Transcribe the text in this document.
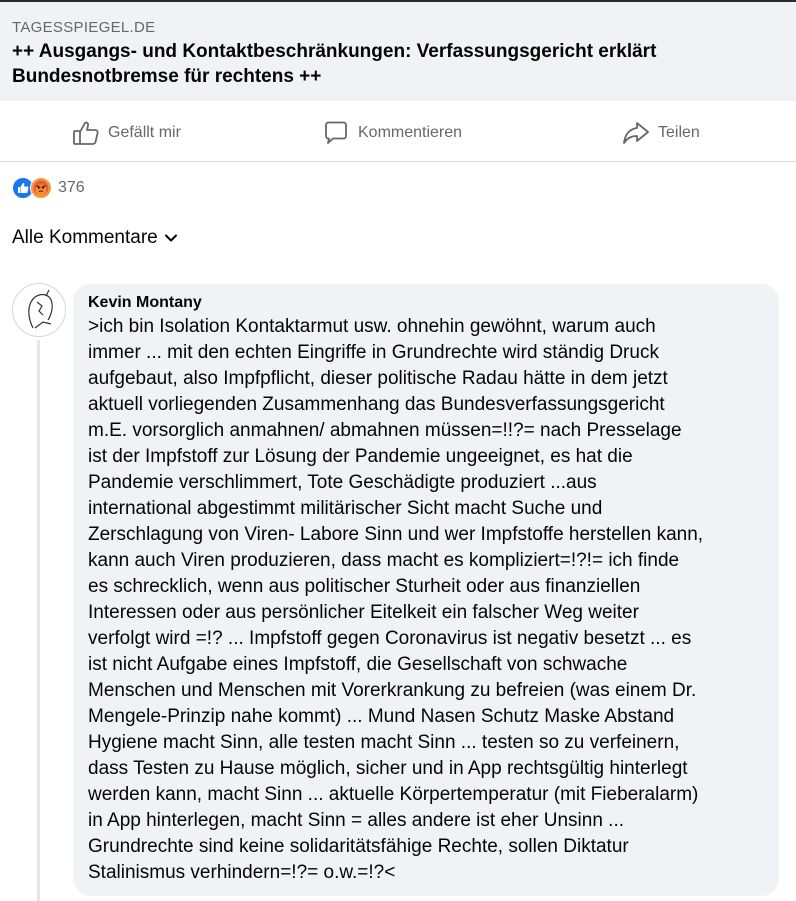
TAGESSPIEGEL.DE
++ Ausgangs- und Kontaktbeschränkungen: Verfassungsgericht erklärt Bundesnotbremse für rechtens ++
Gefällt mir	Kommentieren	Teilen
376
Alle Kommentare
Kevin Montany
>ich bin Isolation Kontaktarmut usw. ohnehin gewöhnt, warum auch
immer ... mit den echten Eingriffe in Grundrechte wird ständig Druck
aufgebaut, also Impfpflicht, dieser politische Radau hätte in dem jetzt
aktuell vorliegenden Zusammenhang das Bundesverfassungsgericht
m.E. vorsorglich anmahnen/ abmahnen müssen=!!?= nach Presselage
ist der Impfstoff zur Lösung der Pandemie ungeeignet, es hat die
Pandemie verschlimmert, Tote Geschädigte produziert ...aus
international abgestimmt militärischer Sicht macht Suche und
Zerschlagung von Viren- Labore Sinn und wer Impfstoffe herstellen kann,
kann auch Viren produzieren, dass macht es kompliziert=!?!= ich finde
es schrecklich, wenn aus politischer Sturheit oder aus finanziellen
Interessen oder aus persönlicher Eitelkeit ein falscher Weg weiter
verfolgt wird =!? ... Impfstoff gegen Coronavirus ist negativ besetzt ... es
ist nicht Aufgabe eines Impfstoff, die Gesellschaft von schwache
Menschen und Menschen mit Vorerkrankung zu befreien (was einem Dr.
Mengele-Prinzip nahe kommt) ... Mund Nasen Schutz Maske Abstand
Hygiene macht Sinn, alle testen macht Sinn ... testen so zu verfeinern,
dass Testen zu Hause möglich, sicher und in App rechtsgültig hinterlegt
werden kann, macht Sinn ... aktuelle Körpertemperatur (mit Fieberalarm)
in App hinterlegen, macht Sinn = alles andere ist eher Unsinn ...
Grundrechte sind keine solidaritätsfähige Rechte, sollen Diktatur
Stalinismus verhindern=!?= o.w.=!?<
